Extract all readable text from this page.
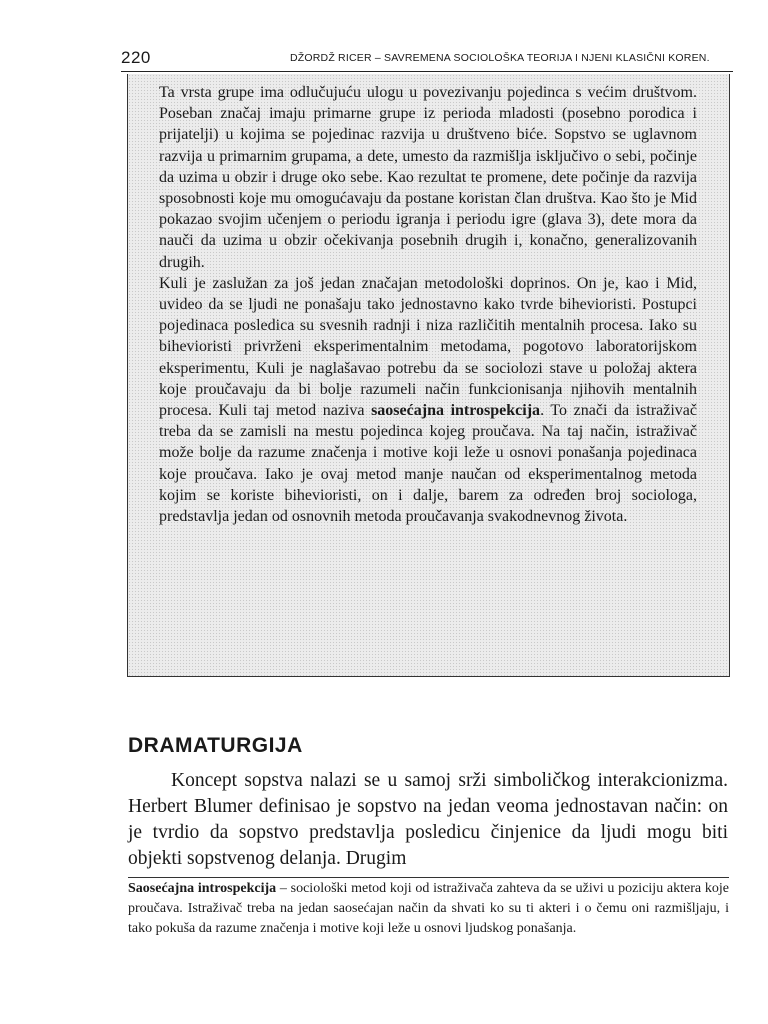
220	DŽORDŽ RICER – SAVREMENA SOCIOLOŠKA TEORIJA I NJENI KLASIČNI KOREN.

Ta vrsta grupe ima odlučujuću ulogu u povezivanju pojedinca s većim društvom. Poseban značaj imaju primarne grupe iz perioda mladosti (posebno porodica i prijatelji) u kojima se pojedinac razvija u društveno biće. Sopstvo se uglavnom razvija u primarnim grupama, a dete, umesto da razmišlja isključivo o sebi, počinje da uzima u obzir i druge oko sebe. Kao rezultat te promene, dete počinje da razvija sposobnosti koje mu omogućavaju da postane koristan član društva. Kao što je Mid pokazao svojim učenjem o periodu igranja i periodu igre (glava 3), dete mora da nauči da uzima u obzir očekivanja posebnih drugih i, konačno, generalizovanih drugih.

Kuli je zaslužan za još jedan značajan metodološki doprinos. On je, kao i Mid, uvideo da se ljudi ne ponašaju tako jednostavno kako tvrde bihevioristi. Postupci pojedinaca posledica su svesnih radnji i niza različitih mentalnih procesa. Iako su bihevioristi privrženi eksperimentalnim metodama, pogotovo laboratorijskom eksperimentu, Kuli je naglašavao potrebu da se sociolozi stave u položaj aktera koje proučavaju da bi bolje razumeli način funkcionisanja njihovih mentalnih procesa. Kuli taj metod naziva saosećajna introspekcija. To znači da istraživač treba da se zamisli na mestu pojedinca kojeg proučava. Na taj način, istraživač može bolje da razume značenja i motive koji leže u osnovi ponašanja pojedinaca koje proučava. Iako je ovaj metod manje naučan od eksperimentalnog metoda kojim se koriste bihevioristi, on i dalje, barem za određen broj sociologa, predstavlja jedan od osnovnih metoda proučavanja svakodnevnog života.

DRAMATURGIJA

Koncept sopstva nalazi se u samoj srži simboličkog interakcionizma. Herbert Blumer definisao je sopstvo na jedan veoma jednostavan način: on je tvrdio da sopstvo predstavlja posledicu činjenice da ljudi mogu biti objekti sopstvenog delanja. Drugim

Saosećajna introspekcija – sociološki metod koji od istraživača zahteva da se uživi u poziciju aktera koje proučava. Istraživač treba na jedan saosećajan način da shvati ko su ti akteri i o čemu oni razmišljaju, i tako pokuša da razume značenja i motive koji leže u osnovi ljudskog ponašanja.
